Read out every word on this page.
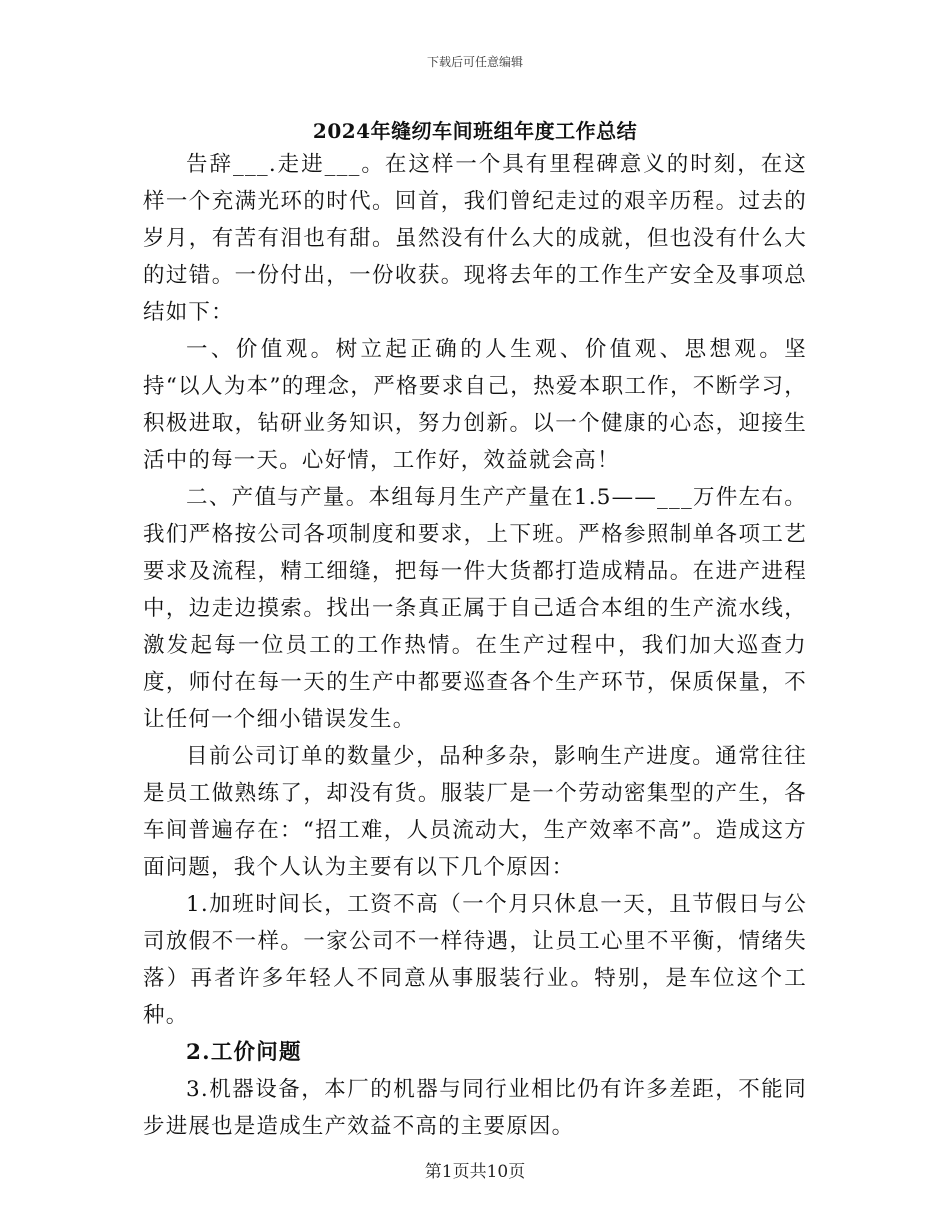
下载后可任意编辑
2024年缝纫车间班组年度工作总结

告辞___.走进___。在这样一个具有里程碑意义的时刻，在这样一个充满光环的时代。回首，我们曾纪走过的艰辛历程。过去的岁月，有苦有泪也有甜。虽然没有什么大的成就，但也没有什么大的过错。一份付出，一份收获。现将去年的工作生产安全及事项总结如下：

一、价值观。树立起正确的人生观、价值观、思想观。坚持“以人为本”的理念，严格要求自己，热爱本职工作，不断学习，积极进取，钻研业务知识，努力创新。以一个健康的心态，迎接生活中的每一天。心好情，工作好，效益就会高！

二、产值与产量。本组每月生产产量在1.5——___万件左右。我们严格按公司各项制度和要求，上下班。严格参照制单各项工艺要求及流程，精工细缝，把每一件大货都打造成精品。在进产进程中，边走边摸索。找出一条真正属于自己适合本组的生产流水线，激发起每一位员工的工作热情。在生产过程中，我们加大巡查力度，师付在每一天的生产中都要巡查各个生产环节，保质保量，不让任何一个细小错误发生。

目前公司订单的数量少，品种多杂，影响生产进度。通常往往是员工做熟练了，却没有货。服装厂是一个劳动密集型的产生，各车间普遍存在：“招工难，人员流动大，生产效率不高”。造成这方面问题，我个人认为主要有以下几个原因：

1.加班时间长，工资不高（一个月只休息一天，且节假日与公司放假不一样。一家公司不一样待遇，让员工心里不平衡，情绪失落）再者许多年轻人不同意从事服装行业。特别，是车位这个工种。

2.工价问题

3.机器设备，本厂的机器与同行业相比仍有许多差距，不能同步进展也是造成生产效益不高的主要原因。

第1页共10页
